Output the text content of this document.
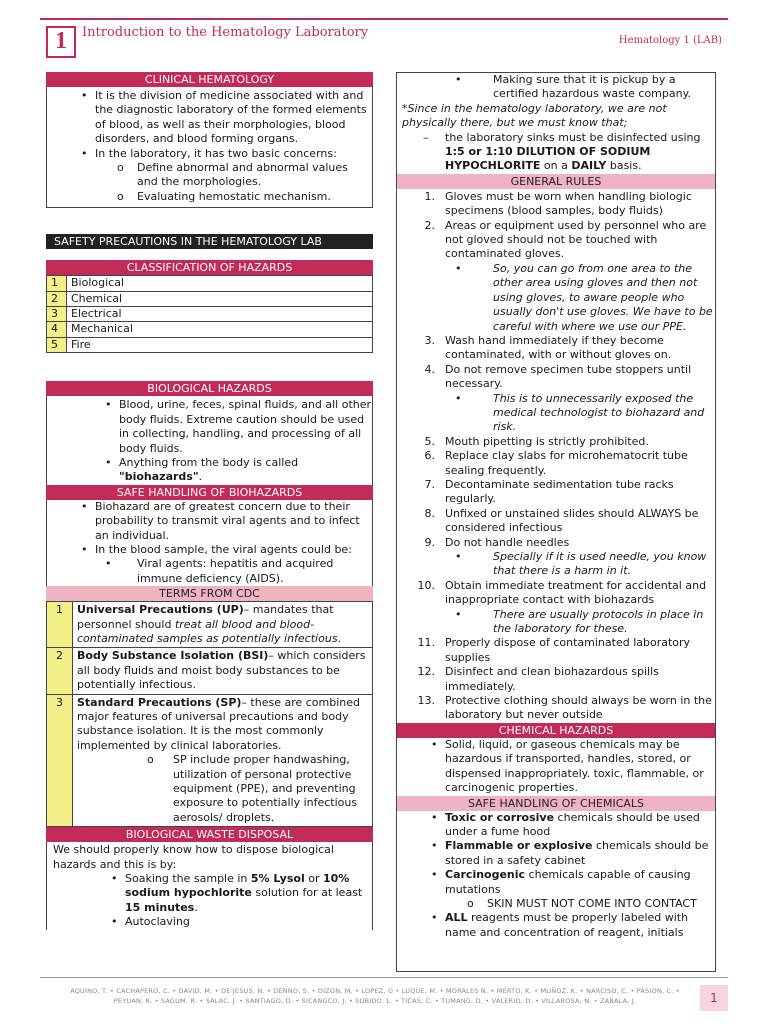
1	Introduction to the Hematology Laboratory
Hematology 1 (LAB)
CLINICAL HEMATOLOGY
• It is the division of medicine associated with and the diagnostic laboratory of the formed elements of blood, as well as their morphologies, blood disorders, and blood forming organs.
• In the laboratory, it has two basic concerns:
o Define abnormal and abnormal values and the morphologies.
o Evaluating hemostatic mechanism.
SAFETY PRECAUTIONS IN THE HEMATOLOGY LAB
CLASSIFICATION OF HAZARDS
1	Biological
2	Chemical
3	Electrical
4	Mechanical
5	Fire
BIOLOGICAL HAZARDS
• Blood, urine, feces, spinal fluids, and all other body fluids. Extreme caution should be used in collecting, handling, and processing of all body fluids.
• Anything from the body is called "biohazards".
SAFE HANDLING OF BIOHAZARDS
• Biohazard are of greatest concern due to their probability to transmit viral agents and to infect an individual.
• In the blood sample, the viral agents could be:
• Viral agents: hepatitis and acquired immune deficiency (AIDS).
TERMS FROM CDC
1	Universal Precautions (UP)– mandates that personnel should treat all blood and blood-contaminated samples as potentially infectious.
2	Body Substance Isolation (BSI)– which considers all body fluids and moist body substances to be potentially infectious.
3	Standard Precautions (SP)– these are combined major features of universal precautions and body substance isolation. It is the most commonly implemented by clinical laboratories.
o SP include proper handwashing, utilization of personal protective equipment (PPE), and preventing exposure to potentially infectious aerosols/ droplets.
BIOLOGICAL WASTE DISPOSAL
We should properly know how to dispose biological hazards and this is by:
• Soaking the sample in 5% Lysol or 10% sodium hypochlorite solution for at least 15 minutes.
• Autoclaving
• Making sure that it is pickup by a certified hazardous waste company.
*Since in the hematology laboratory, we are not physically there, but we must know that;
– the laboratory sinks must be disinfected using 1:5 or 1:10 DILUTION OF SODIUM HYPOCHLORITE on a DAILY basis.
GENERAL RULES
1. Gloves must be worn when handling biologic specimens (blood samples, body fluids)
2. Areas or equipment used by personnel who are not gloved should not be touched with contaminated gloves.
• So, you can go from one area to the other area using gloves and then not using gloves, to aware people who usually don't use gloves. We have to be careful with where we use our PPE.
3. Wash hand immediately if they become contaminated, with or without gloves on.
4. Do not remove specimen tube stoppers until necessary.
• This is to unnecessarily exposed the medical technologist to biohazard and risk.
5. Mouth pipetting is strictly prohibited.
6. Replace clay slabs for microhematocrit tube sealing frequently.
7. Decontaminate sedimentation tube racks regularly.
8. Unfixed or unstained slides should ALWAYS be considered infectious
9. Do not handle needles
• Specially if it is used needle, you know that there is a harm in it.
10. Obtain immediate treatment for accidental and inappropriate contact with biohazards
• There are usually protocols in place in the laboratory for these.
11. Properly dispose of contaminated laboratory supplies
12. Disinfect and clean biohazardous spills immediately.
13. Protective clothing should always be worn in the laboratory but never outside
CHEMICAL HAZARDS
• Solid, liquid, or gaseous chemicals may be hazardous if transported, handles, stored, or dispensed inappropriately. toxic, flammable, or carcinogenic properties.
SAFE HANDLING OF CHEMICALS
• Toxic or corrosive chemicals should be used under a fume hood
• Flammable or explosive chemicals should be stored in a safety cabinet
• Carcinogenic chemicals capable of causing mutations
o SKIN MUST NOT COME INTO CONTACT
• ALL reagents must be properly labeled with name and concentration of reagent, initials
AQUINO, T. • CACHAPERO, C. • DAVID, M. • DE JESUS, N. • DENNO, S. • DIZON, M. • LOPEZ, G • LUQUE, M. • MORALES N. • MERTO, K. • MUÑOZ, K. • NARCISO, C. • PASION, C. • PEYUAN, R. • SAGUM, R. • SALAC, J. • SANTIAGO, D. • SICANGCO, J. • SUBIDO, L. • TICAS, C. • TUMANG, D. • VALERIO, D. • VILLAROSA, N. • ZABALA, J.	1
